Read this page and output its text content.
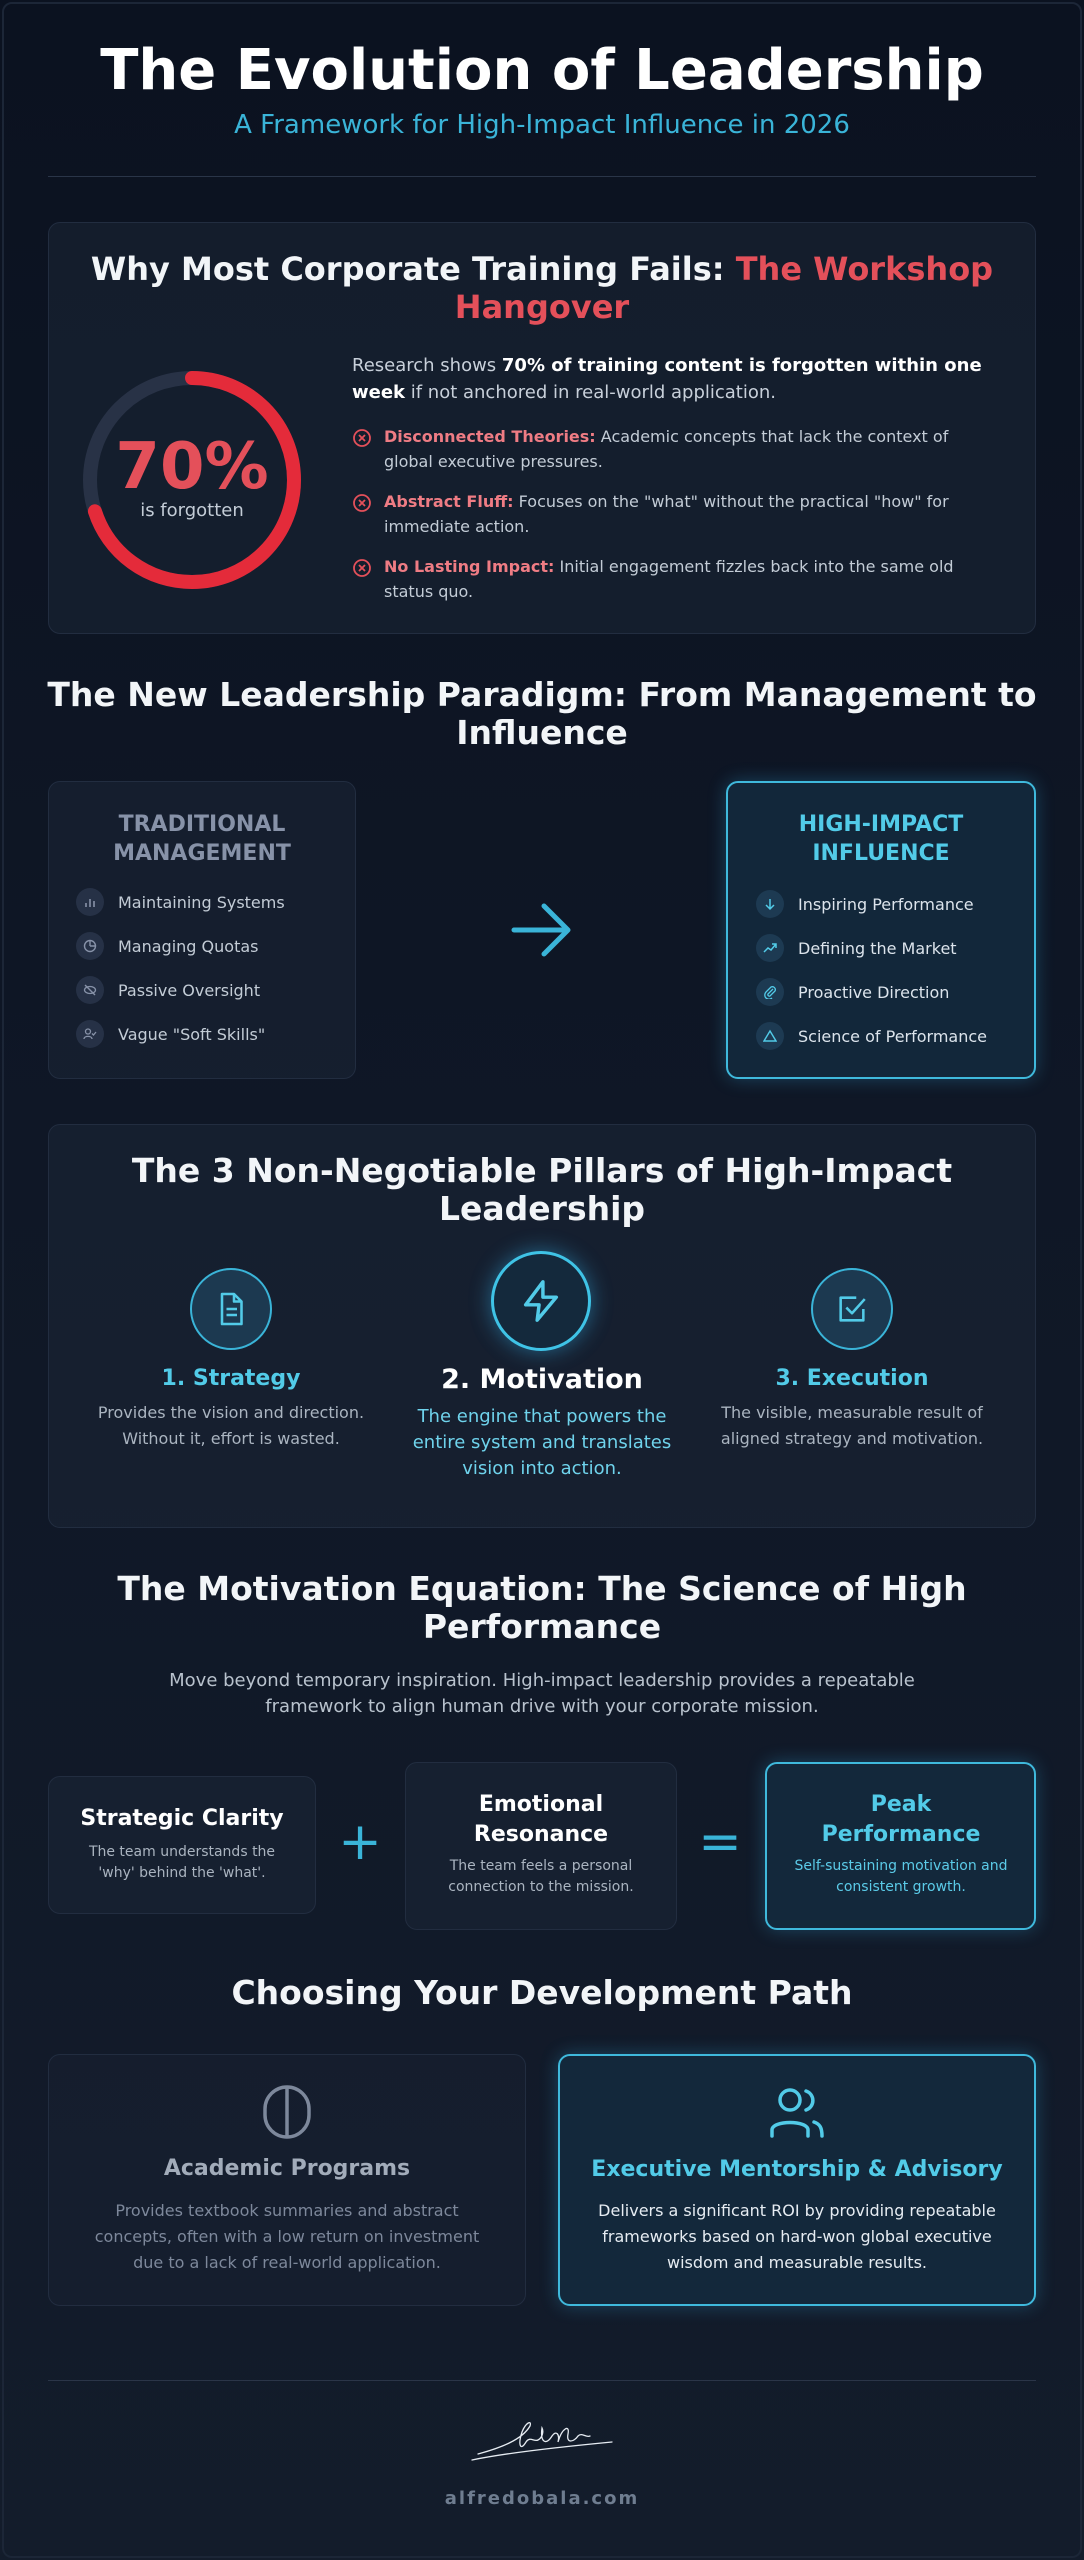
The Evolution of Leadership
A Framework for High-Impact Influence in 2026
Why Most Corporate Training Fails: The Workshop Hangover
70%
is forgotten
Research shows 70% of training content is forgotten within one week if not anchored in real-world application.
Disconnected Theories: Academic concepts that lack the context of global executive pressures.
Abstract Fluff: Focuses on the "what" without the practical "how" for immediate action.
No Lasting Impact: Initial engagement fizzles back into the same old status quo.
The New Leadership Paradigm: From Management to Influence
TRADITIONAL MANAGEMENT
Maintaining Systems
Managing Quotas
Passive Oversight
Vague "Soft Skills"
HIGH-IMPACT INFLUENCE
Inspiring Performance
Defining the Market
Proactive Direction
Science of Performance
The 3 Non-Negotiable Pillars of High-Impact Leadership
1. Strategy
Provides the vision and direction. Without it, effort is wasted.
2. Motivation
The engine that powers the entire system and translates vision into action.
3. Execution
The visible, measurable result of aligned strategy and motivation.
The Motivation Equation: The Science of High Performance
Move beyond temporary inspiration. High-impact leadership provides a repeatable framework to align human drive with your corporate mission.
Strategic Clarity
The team understands the 'why' behind the 'what'.
+
Emotional Resonance
The team feels a personal connection to the mission.
=
Peak Performance
Self-sustaining motivation and consistent growth.
Choosing Your Development Path
Academic Programs
Provides textbook summaries and abstract concepts, often with a low return on investment due to a lack of real-world application.
Executive Mentorship & Advisory
Delivers a significant ROI by providing repeatable frameworks based on hard-won global executive wisdom and measurable results.
alfredobala.com
